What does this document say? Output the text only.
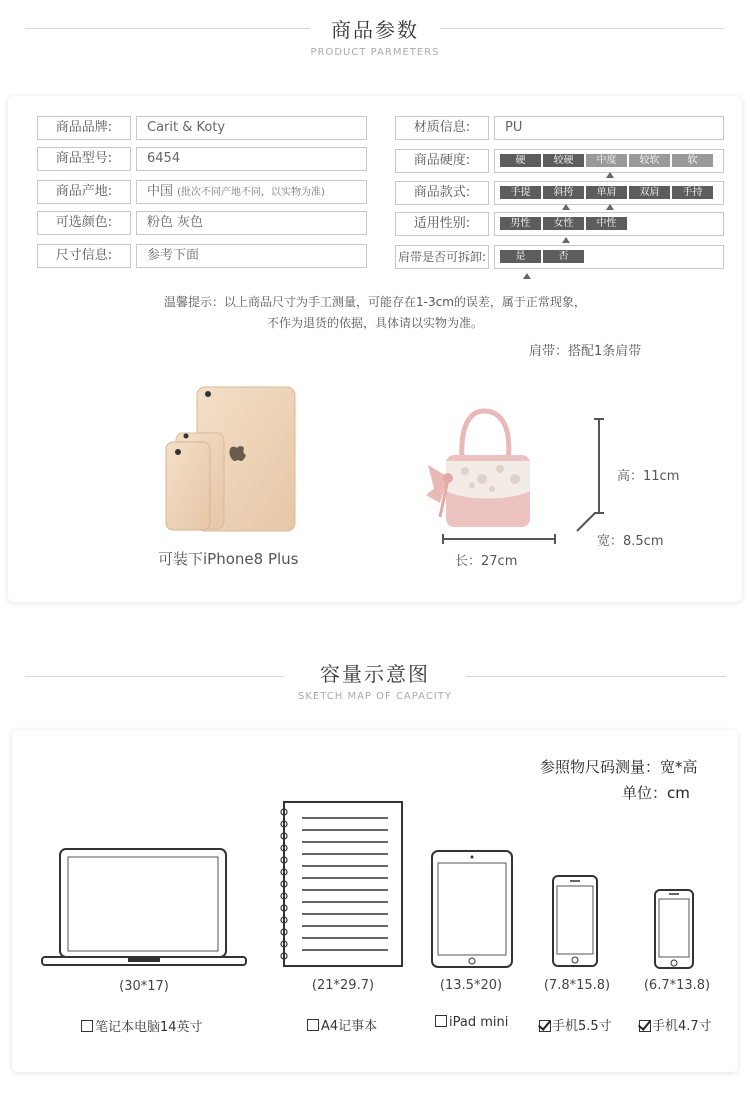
商品参数
PRODUCT PARMETERS
商品品牌:	Carit & Koty
商品型号:	6454
商品产地:	中国 (批次不同产地不同，以实物为准)
可选颜色:	粉色 灰色
尺寸信息:	参考下面
材质信息:	PU
商品硬度:	硬	较硬	中度	较软	软
商品款式:	手提	斜挎	单肩	双肩	手持
适用性别:	男性	女性	中性
肩带是否可拆卸:	是	否
温馨提示：以上商品尺寸为手工测量，可能存在1-3cm的误差，属于正常现象，
不作为退货的依据，具体请以实物为准。
肩带：搭配1条肩带
可装下iPhone8 Plus
高：11cm
长：27cm
宽：8.5cm
容量示意图
SKETCH MAP OF CAPACITY
参照物尺码测量：宽*高
单位：cm
(30*17)	(21*29.7)	(13.5*20)	(7.8*15.8)	(6.7*13.8)
笔记本电脑14英寸	A4记事本	iPad mini	手机5.5寸	手机4.7寸
